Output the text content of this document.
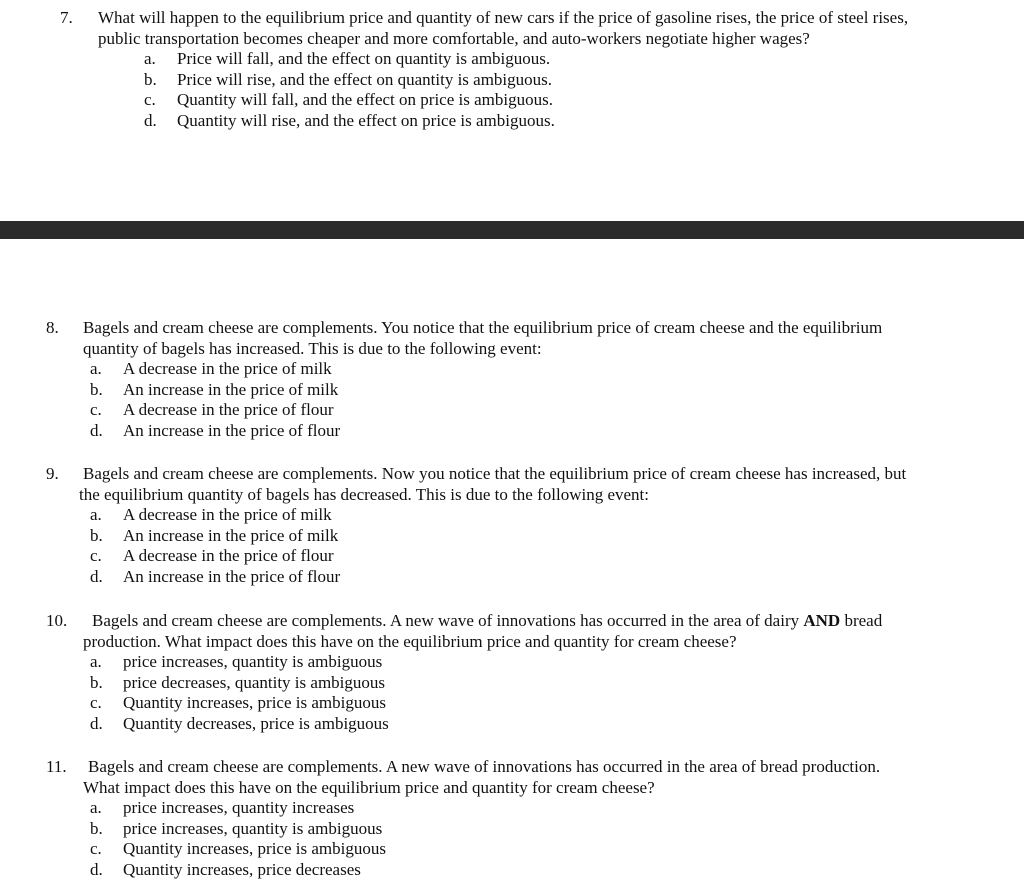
7. What will happen to the equilibrium price and quantity of new cars if the price of gasoline rises, the price of steel rises,
public transportation becomes cheaper and more comfortable, and auto-workers negotiate higher wages?
a. Price will fall, and the effect on quantity is ambiguous.
b. Price will rise, and the effect on quantity is ambiguous.
c. Quantity will fall, and the effect on price is ambiguous.
d. Quantity will rise, and the effect on price is ambiguous.
8. Bagels and cream cheese are complements. You notice that the equilibrium price of cream cheese and the equilibrium
quantity of bagels has increased. This is due to the following event:
a. A decrease in the price of milk
b. An increase in the price of milk
c. A decrease in the price of flour
d. An increase in the price of flour
9. Bagels and cream cheese are complements. Now you notice that the equilibrium price of cream cheese has increased, but
the equilibrium quantity of bagels has decreased. This is due to the following event:
a. A decrease in the price of milk
b. An increase in the price of milk
c. A decrease in the price of flour
d. An increase in the price of flour
10. Bagels and cream cheese are complements. A new wave of innovations has occurred in the area of dairy AND bread
production. What impact does this have on the equilibrium price and quantity for cream cheese?
a. price increases, quantity is ambiguous
b. price decreases, quantity is ambiguous
c. Quantity increases, price is ambiguous
d. Quantity decreases, price is ambiguous
11. Bagels and cream cheese are complements. A new wave of innovations has occurred in the area of bread production.
What impact does this have on the equilibrium price and quantity for cream cheese?
a. price increases, quantity increases
b. price increases, quantity is ambiguous
c. Quantity increases, price is ambiguous
d. Quantity increases, price decreases
